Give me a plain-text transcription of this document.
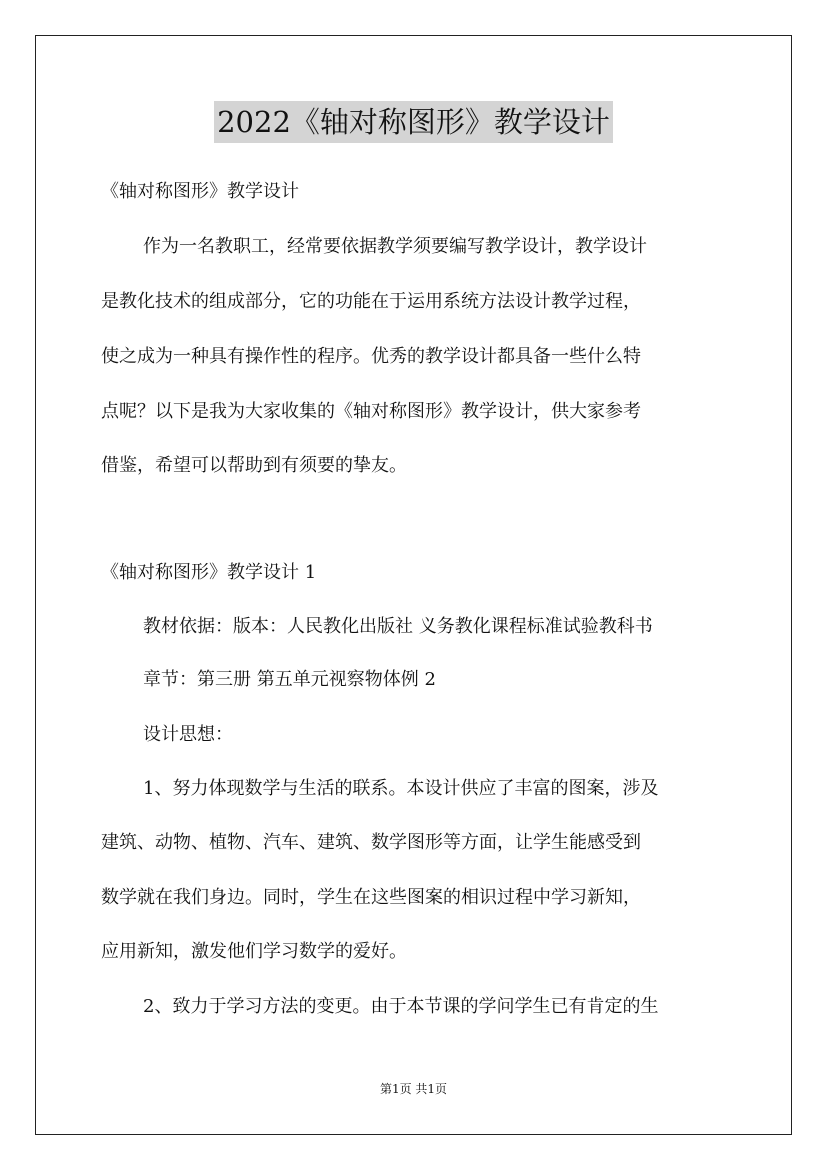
2022《轴对称图形》教学设计
《轴对称图形》教学设计
作为一名教职工，经常要依据教学须要编写教学设计，教学设计
是教化技术的组成部分，它的功能在于运用系统方法设计教学过程，
使之成为一种具有操作性的程序。优秀的教学设计都具备一些什么特
点呢？以下是我为大家收集的《轴对称图形》教学设计，供大家参考
借鉴，希望可以帮助到有须要的挚友。
《轴对称图形》教学设计 1
教材依据：版本：人民教化出版社 义务教化课程标准试验教科书
章节：第三册 第五单元视察物体例 2
设计思想：
1、努力体现数学与生活的联系。本设计供应了丰富的图案，涉及
建筑、动物、植物、汽车、建筑、数学图形等方面，让学生能感受到
数学就在我们身边。同时，学生在这些图案的相识过程中学习新知，
应用新知，激发他们学习数学的爱好。
2、致力于学习方法的变更。由于本节课的学问学生已有肯定的生
第1页 共1页
